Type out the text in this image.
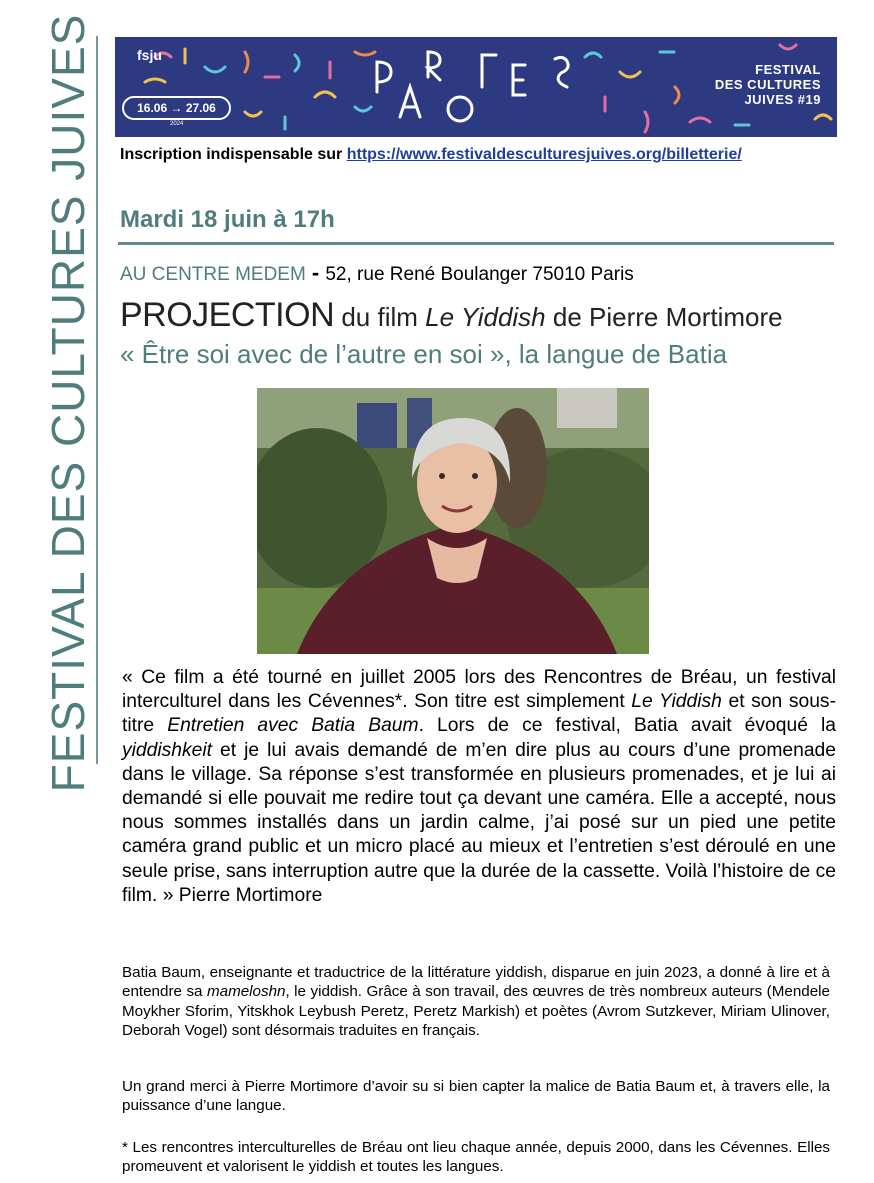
FESTIVAL DES CULTURES JUIVES	fsju
16.06 → 27.06
2024
FESTIVAL
DES CULTURES
JUIVES #19
Inscription indispensable sur https://www.festivaldesculturesjuives.org/billetterie/
Mardi 18 juin à 17h
AU CENTRE MEDEM - 52, rue René Boulanger 75010 Paris
PROJECTION du film Le Yiddish de Pierre Mortimore
« Être soi avec de l’autre en soi », la langue de Batia
« Ce film a été tourné en juillet 2005 lors des Rencontres de Bréau, un festival interculturel dans les Cévennes*. Son titre est simplement Le Yiddish et son sous-titre Entretien avec Batia Baum. Lors de ce festival, Batia avait évoqué la yiddishkeit et je lui avais demandé de m’en dire plus au cours d’une promenade dans le village. Sa réponse s’est transformée en plusieurs promenades, et je lui ai demandé si elle pouvait me redire tout ça devant une caméra. Elle a accepté, nous nous sommes installés dans un jardin calme, j’ai posé sur un pied une petite caméra grand public et un micro placé au mieux et l’entretien s’est déroulé en une seule prise, sans interruption autre que la durée de la cassette. Voilà l’histoire de ce film. » Pierre Mortimore
Batia Baum, enseignante et traductrice de la littérature yiddish, disparue en juin 2023, a donné à lire et à entendre sa mameloshn, le yiddish. Grâce à son travail, des œuvres de très nombreux auteurs (Mendele Moykher Sforim, Yitskhok Leybush Peretz, Peretz Markish) et poètes (Avrom Sutzkever, Miriam Ulinover, Deborah Vogel) sont désormais traduites en français.
Un grand merci à Pierre Mortimore d’avoir su si bien capter la malice de Batia Baum et, à travers elle, la puissance d’une langue.
* Les rencontres interculturelles de Bréau ont lieu chaque année, depuis 2000, dans les Cévennes. Elles promeuvent et valorisent le yiddish et toutes les langues.
